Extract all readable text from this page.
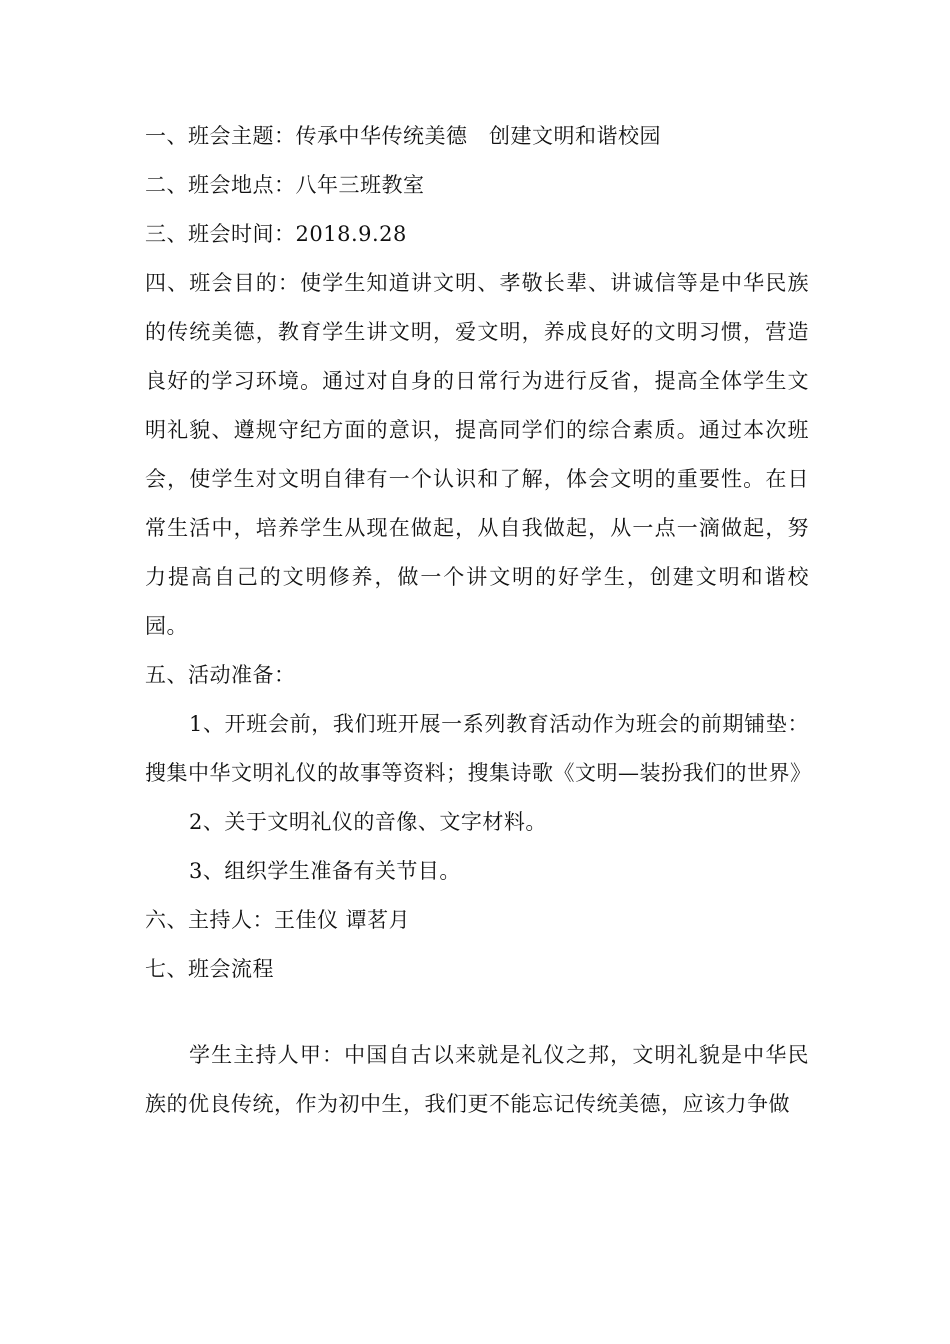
一、班会主题：传承中华传统美德　创建文明和谐校园

二、班会地点：八年三班教室

三、班会时间：2018.9.28

四、班会目的：使学生知道讲文明、孝敬长辈、讲诚信等是中华民族的传统美德，教育学生讲文明，爱文明，养成良好的文明习惯，营造良好的学习环境。通过对自身的日常行为进行反省，提高全体学生文明礼貌、遵规守纪方面的意识，提高同学们的综合素质。通过本次班会，使学生对文明自律有一个认识和了解，体会文明的重要性。在日常生活中，培养学生从现在做起，从自我做起，从一点一滴做起，努力提高自己的文明修养，做一个讲文明的好学生，创建文明和谐校园。

五、活动准备：

1、开班会前，我们班开展一系列教育活动作为班会的前期铺垫：搜集中华文明礼仪的故事等资料；搜集诗歌《文明—装扮我们的世界》

2、关于文明礼仪的音像、文字材料。

3、组织学生准备有关节目。

六、主持人：王佳仪 谭茗月

七、班会流程

学生主持人甲：中国自古以来就是礼仪之邦，文明礼貌是中华民族的优良传统，作为初中生，我们更不能忘记传统美德，应该力争做
